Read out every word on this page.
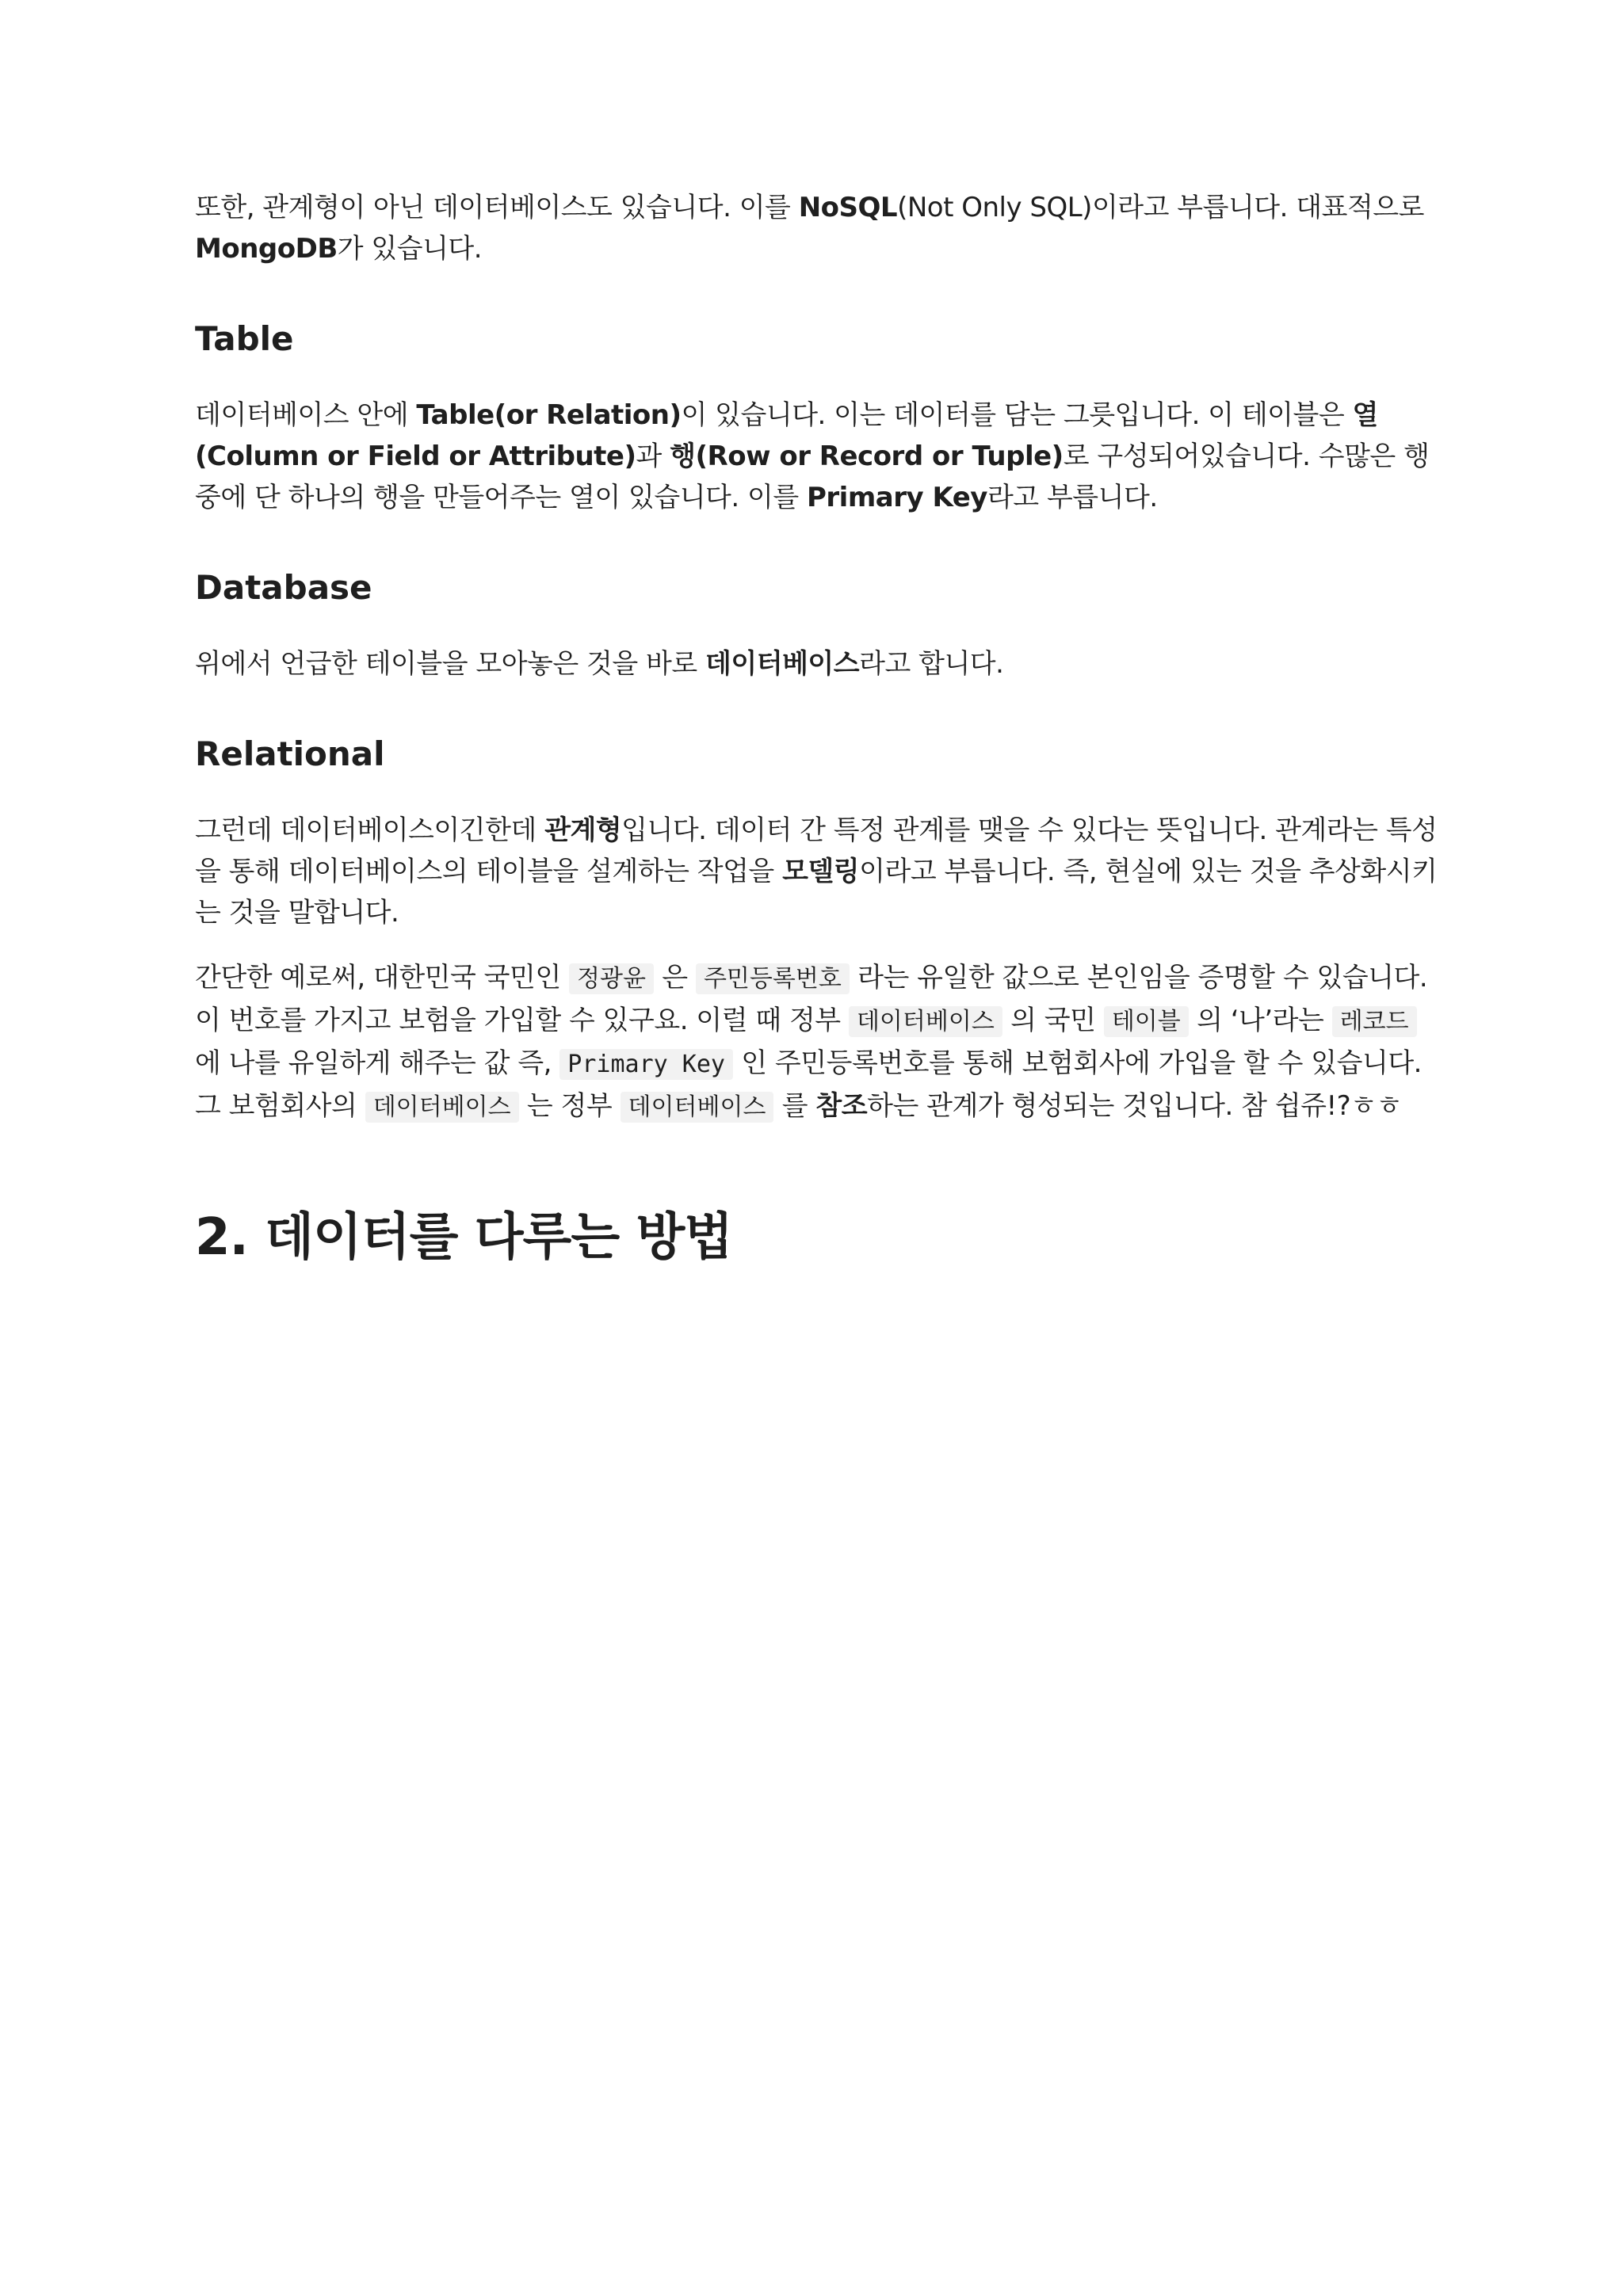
또한, 관계형이 아닌 데이터베이스도 있습니다. 이를 NoSQL(Not Only SQL)이라고 부릅니다. 대표적으로 MongoDB가 있습니다.

Table

데이터베이스 안에 Table(or Relation)이 있습니다. 이는 데이터를 담는 그릇입니다. 이 테이블은 열(Column or Field or Attribute)과 행(Row or Record or Tuple)로 구성되어있습니다. 수많은 행 중에 단 하나의 행을 만들어주는 열이 있습니다. 이를 Primary Key라고 부릅니다.

Database

위에서 언급한 테이블을 모아놓은 것을 바로 데이터베이스라고 합니다.

Relational

그런데 데이터베이스이긴한데 관계형입니다. 데이터 간 특정 관계를 맺을 수 있다는 뜻입니다. 관계라는 특성을 통해 데이터베이스의 테이블을 설계하는 작업을 모델링이라고 부릅니다. 즉, 현실에 있는 것을 추상화시키는 것을 말합니다.

간단한 예로써, 대한민국 국민인 정광윤 은 주민등록번호 라는 유일한 값으로 본인임을 증명할 수 있습니다. 이 번호를 가지고 보험을 가입할 수 있구요. 이럴 때 정부 데이터베이스 의 국민 테이블 의 ‘나’라는 레코드 에 나를 유일하게 해주는 값 즉, Primary Key 인 주민등록번호를 통해 보험회사에 가입을 할 수 있습니다. 그 보험회사의 데이터베이스 는 정부 데이터베이스 를 참조하는 관계가 형성되는 것입니다. 참 쉽쥬!?ㅎㅎ

2. 데이터를 다루는 방법
